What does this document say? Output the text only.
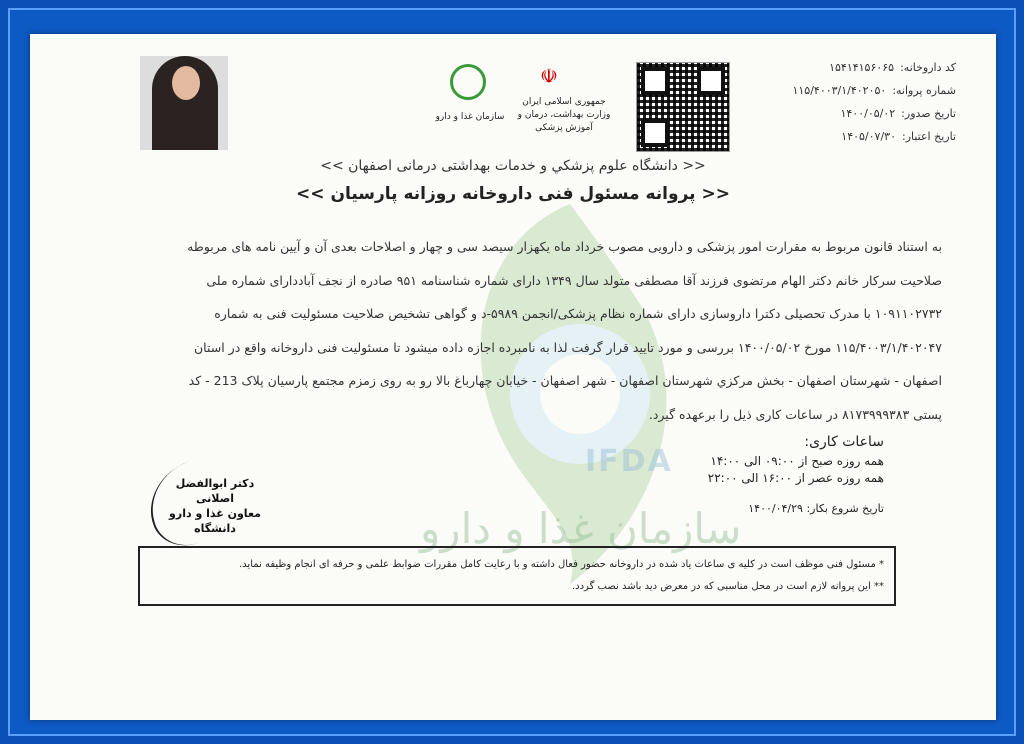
IFDA
سازمان غذا و دارو
سازمان غذا و دارو
☫
جمهوری اسلامی ایران
وزارت بهداشت، درمان و آموزش پزشکی
کد داروخانه:
۱۵۴۱۴۱۵۶۰۶۵
شماره پروانه:
۱۱۵/۴۰۰۳/۱/۴۰۲۰۵۰
تاریخ صدور:
۱۴۰۰/۰۵/۰۲
تاریخ اعتبار:
۱۴۰۵/۰۷/۳۰
<< دانشگاه علوم پزشكي و خدمات بهداشتی درمانی اصفهان >>
<< پروانه مسئول فنی داروخانه روزانه پارسیان >>

به استناد قانون مربوط به مقرارت امور پزشکی و دارویی مصوب خرداد ماه یکهزار سیصد سی و چهار و اصلاحات بعدی آن و آیین نامه های مربوطه

صلاحیت سرکار خانم دکتر الهام مرتضوی فرزند آقا مصطفی متولد سال ۱۳۴۹ دارای شماره شناسنامه ۹۵۱ صادره از نجف آباددارای شماره ملی

۱۰۹۱۱۰۲۷۳۲ با مدرک تحصیلی دکترا داروسازی دارای شماره نظام پزشکی/انجمن ۵۹۸۹-د و گواهی تشخیص صلاحیت مسئولیت فنی به شماره

۱۱۵/۴۰۰۳/۱/۴۰۲۰۴۷ مورخ ۱۴۰۰/۰۵/۰۲ بررسی و مورد تایید قرار گرفت لذا به نامبرده اجازه داده میشود تا مسئولیت فنی داروخانه واقع در استان

اصفهان - شهرستان اصفهان - بخش مرکزي شهرستان اصفهان - شهر اصفهان - خیابان چهارباغ بالا رو به روی زمزم مجتمع پارسیان پلاک 213 - کد

پستی ۸۱۷۳۹۹۹۳۸۳ در ساعات کاری ذیل را برعهده گیرد.

ساعات کاری:
همه روزه صبح از ۰۹:۰۰ الی ۱۴:۰۰
همه روزه عصر از ۱۶:۰۰ الی ۲۲:۰۰
تاریخ شروع بکار: ۱۴۰۰/۰۴/۲۹
دکتر ابوالفضل اصلانی
معاون غذا و دارو دانشگاه
* مسئول فنی موظف است در کلیه ی ساعات یاد شده در داروخانه حضور فعال داشته و با رعایت کامل مقررات ضوابط علمی و حرفه ای انجام وظیفه نماید.
** این پروانه لازم است در محل مناسبی که در معرض دید باشد نصب گردد.
